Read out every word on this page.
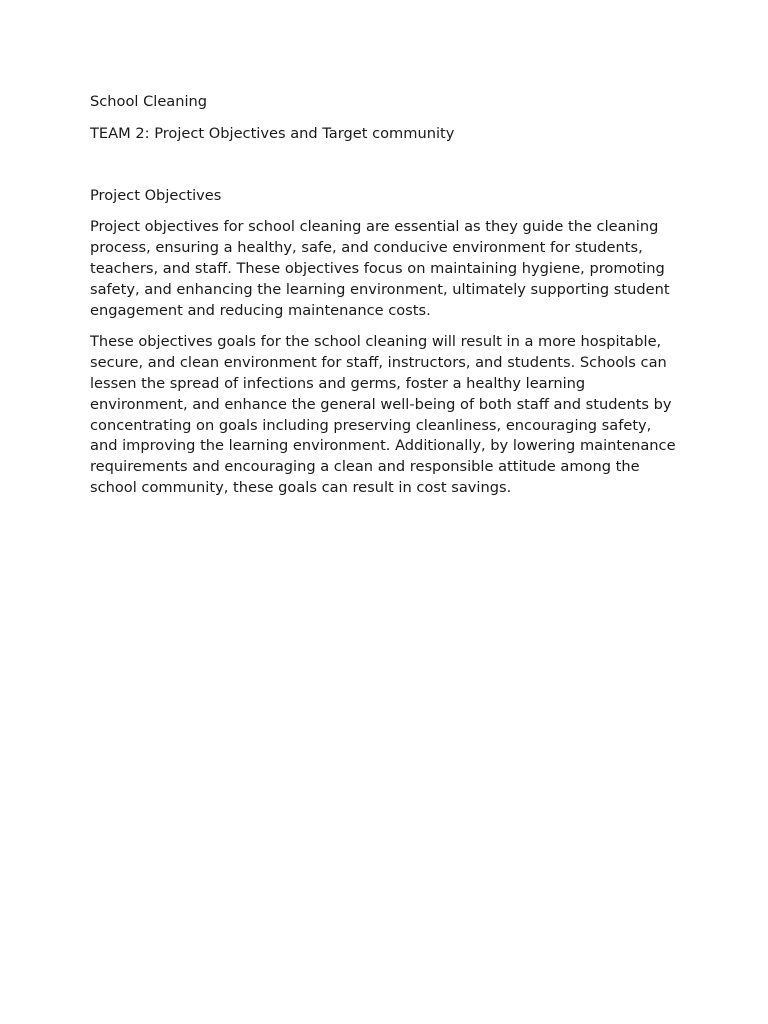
School Cleaning

TEAM 2: Project Objectives and Target community

Project Objectives

Project objectives for school cleaning are essential as they guide the cleaning process, ensuring a healthy, safe, and conducive environment for students, teachers, and staff. These objectives focus on maintaining hygiene, promoting safety, and enhancing the learning environment, ultimately supporting student engagement and reducing maintenance costs.

These objectives goals for the school cleaning will result in a more hospitable, secure, and clean environment for staff, instructors, and students. Schools can lessen the spread of infections and germs, foster a healthy learning environment, and enhance the general well-being of both staff and students by concentrating on goals including preserving cleanliness, encouraging safety, and improving the learning environment. Additionally, by lowering maintenance requirements and encouraging a clean and responsible attitude among the school community, these goals can result in cost savings.
